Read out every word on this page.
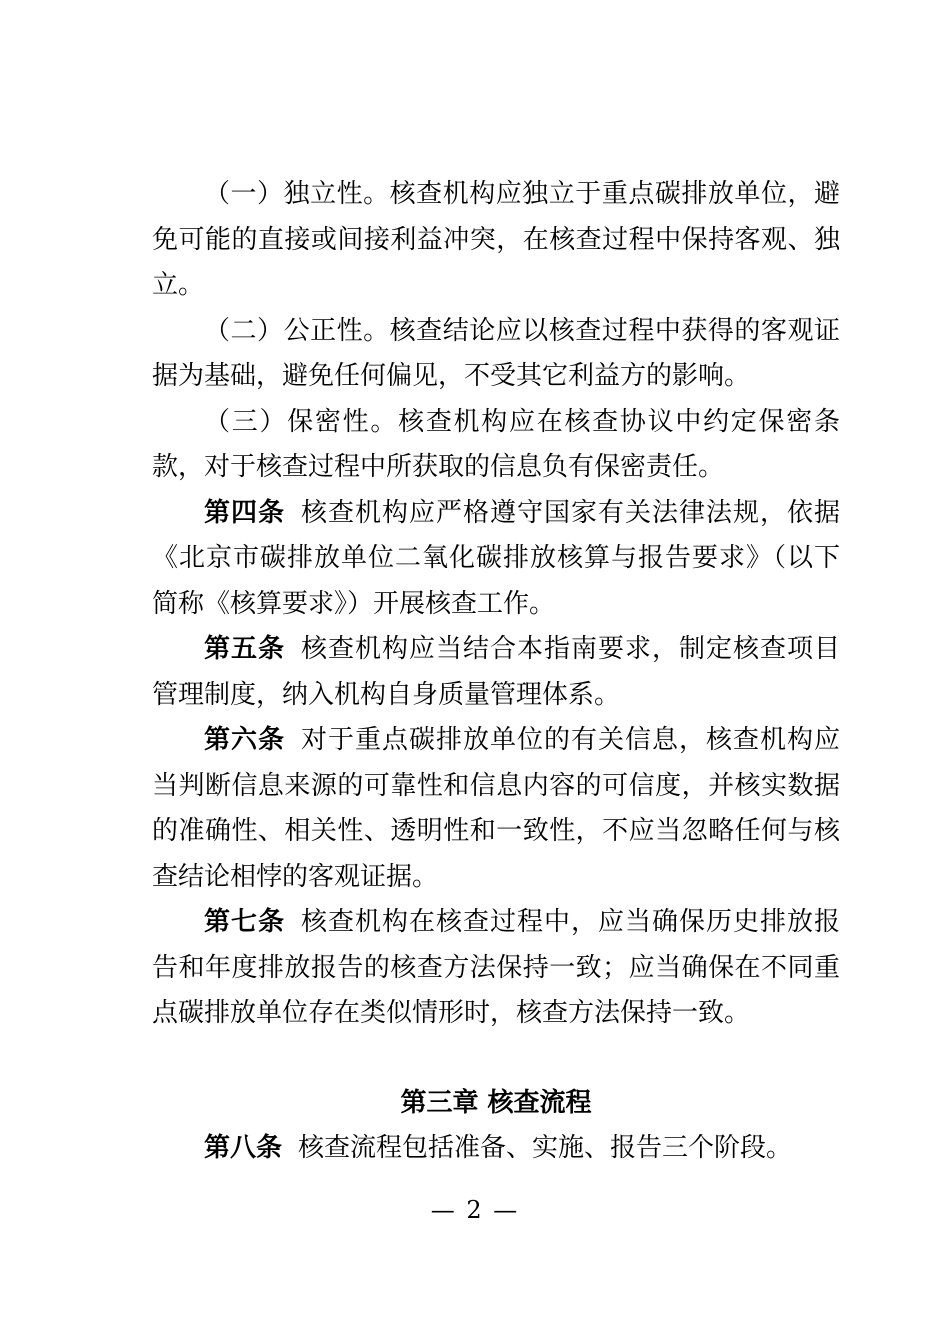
（一）独立性。核查机构应独立于重点碳排放单位，避免可能的直接或间接利益冲突，在核查过程中保持客观、独立。

（二）公正性。核查结论应以核查过程中获得的客观证据为基础，避免任何偏见，不受其它利益方的影响。

（三）保密性。核查机构应在核查协议中约定保密条款，对于核查过程中所获取的信息负有保密责任。

第四条 核查机构应严格遵守国家有关法律法规，依据《北京市碳排放单位二氧化碳排放核算与报告要求》（以下简称《核算要求》）开展核查工作。

第五条 核查机构应当结合本指南要求，制定核查项目管理制度，纳入机构自身质量管理体系。

第六条 对于重点碳排放单位的有关信息，核查机构应当判断信息来源的可靠性和信息内容的可信度，并核实数据的准确性、相关性、透明性和一致性，不应当忽略任何与核查结论相悖的客观证据。

第七条 核查机构在核查过程中，应当确保历史排放报告和年度排放报告的核查方法保持一致；应当确保在不同重点碳排放单位存在类似情形时，核查方法保持一致。

第三章 核查流程

第八条 核查流程包括准备、实施、报告三个阶段。

— 2 —
